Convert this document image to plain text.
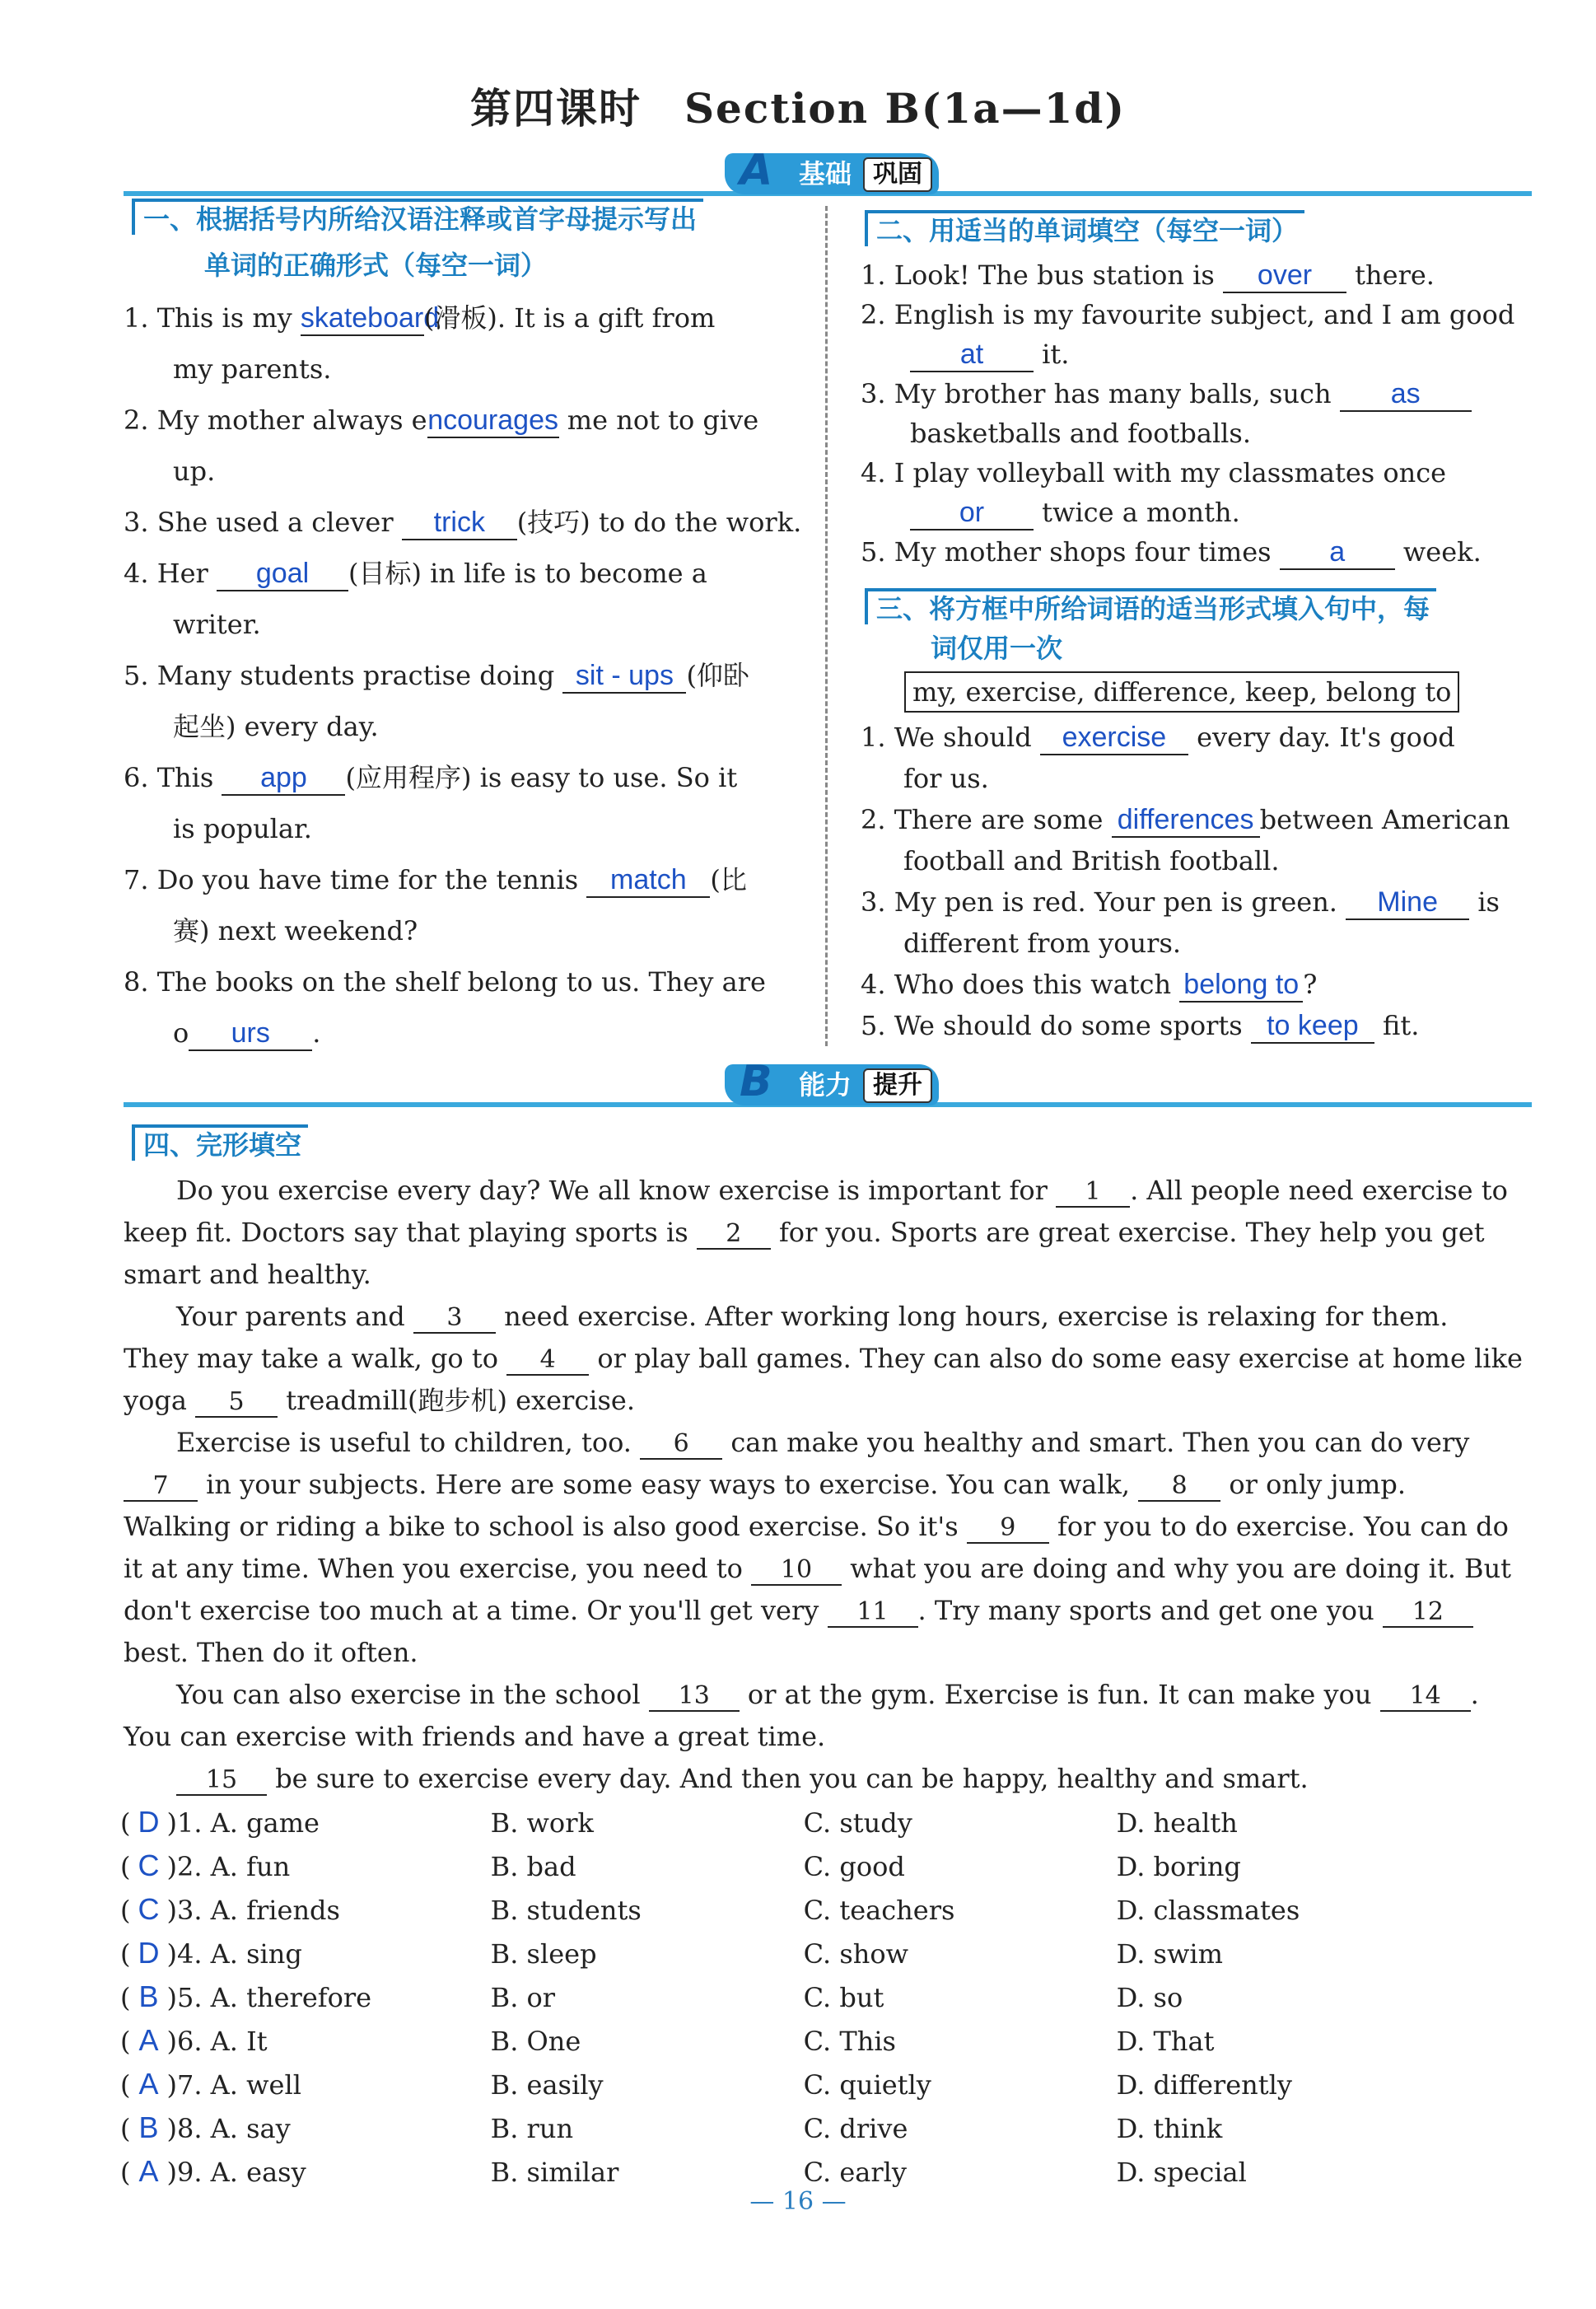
第四课时　Section B(1a—1d)
A 基础 巩固
一、根据括号内所给汉语注释或首字母提示写出
单词的正确形式（每空一词）
1. This is my skateboard(滑板). It is a gift from
my parents.
2. My mother always encourages me not to give
up.
3. She used a clever trick (技巧) to do the work.
4. Her goal (目标) in life is to become a
writer.
5. Many students practise doing sit - ups (仰卧
起坐) every day.
6. This app (应用程序) is easy to use. So it
is popular.
7. Do you have time for the tennis match (比
赛) next weekend?
8. The books on the shelf belong to us. They are
o urs .
二、用适当的单词填空（每空一词）
1. Look! The bus station is over there.
2. English is my favourite subject, and I am good
at it.
3. My brother has many balls, such as
basketballs and footballs.
4. I play volleyball with my classmates once
or twice a month.
5. My mother shops four times a week.
三、将方框中所给词语的适当形式填入句中，每
词仅用一次
my, exercise, difference, keep, belong to
1. We should exercise every day. It's good
for us.
2. There are some differences between American
football and British football.
3. My pen is red. Your pen is green. Mine is
different from yours.
4. Who does this watch belong to ?
5. We should do some sports to keep fit.
B 能力 提升
四、完形填空
　　Do you exercise every day? We all know exercise is important for 1 . All people need exercise to
keep fit. Doctors say that playing sports is 2 for you. Sports are great exercise. They help you get
smart and healthy.
　　Your parents and 3 need exercise. After working long hours, exercise is relaxing for them.
They may take a walk, go to 4 or play ball games. They can also do some easy exercise at home like
yoga 5 treadmill(跑步机) exercise.
　　Exercise is useful to children, too. 6 can make you healthy and smart. Then you can do very
7 in your subjects. Here are some easy ways to exercise. You can walk, 8 or only jump.
Walking or riding a bike to school is also good exercise. So it's 9 for you to do exercise. You can do
it at any time. When you exercise, you need to 10 what you are doing and why you are doing it. But
don't exercise too much at a time. Or you'll get very 11 . Try many sports and get one you 12
best. Then do it often.
　　You can also exercise in the school 13 or at the gym. Exercise is fun. It can make you 14 .
You can exercise with friends and have a great time.
　　15 be sure to exercise every day. And then you can be happy, healthy and smart.
( D )1. A. game	B. work	C. study	D. health
( C )2. A. fun	B. bad	C. good	D. boring
( C )3. A. friends	B. students	C. teachers	D. classmates
( D )4. A. sing	B. sleep	C. show	D. swim
( B )5. A. therefore	B. or	C. but	D. so
( A )6. A. It	B. One	C. This	D. That
( A )7. A. well	B. easily	C. quietly	D. differently
( B )8. A. say	B. run	C. drive	D. think
( A )9. A. easy	B. similar	C. early	D. special
— 16 —
